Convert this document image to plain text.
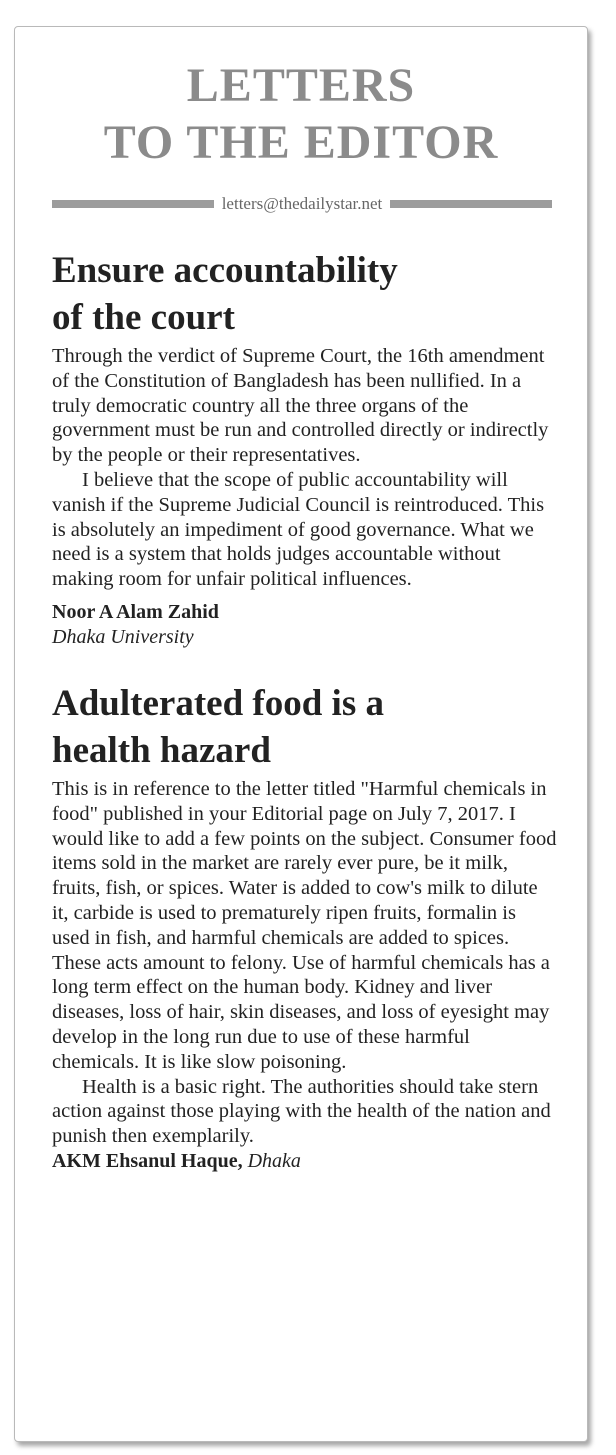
LETTERS
TO THE EDITOR
letters@thedailystar.net
Ensure accountability
of the court

Through the verdict of Supreme Court, the 16th amendment of the Constitution of Bangladesh has been nullified. In a truly democratic country all the three organs of the government must be run and controlled directly or indirectly by the people or their representatives.

I believe that the scope of public accountability will vanish if the Supreme Judicial Council is reintroduced. This is absolutely an impediment of good governance. What we need is a system that holds judges accountable without making room for unfair political influences.

Noor A Alam Zahid
Dhaka University
Adulterated food is a
health hazard

This is in reference to the letter titled "Harmful chemicals in food" published in your Editorial page on July 7, 2017. I would like to add a few points on the subject. Consumer food items sold in the market are rarely ever pure, be it milk, fruits, fish, or spices. Water is added to cow's milk to dilute it, carbide is used to prematurely ripen fruits, formalin is used in fish, and harmful chemicals are added to spices. These acts amount to felony. Use of harmful chemicals has a long term effect on the human body. Kidney and liver diseases, loss of hair, skin diseases, and loss of eyesight may develop in the long run due to use of these harmful chemicals. It is like slow poisoning.

Health is a basic right. The authorities should take stern action against those playing with the health of the nation and punish then exemplarily.

AKM Ehsanul Haque, Dhaka
